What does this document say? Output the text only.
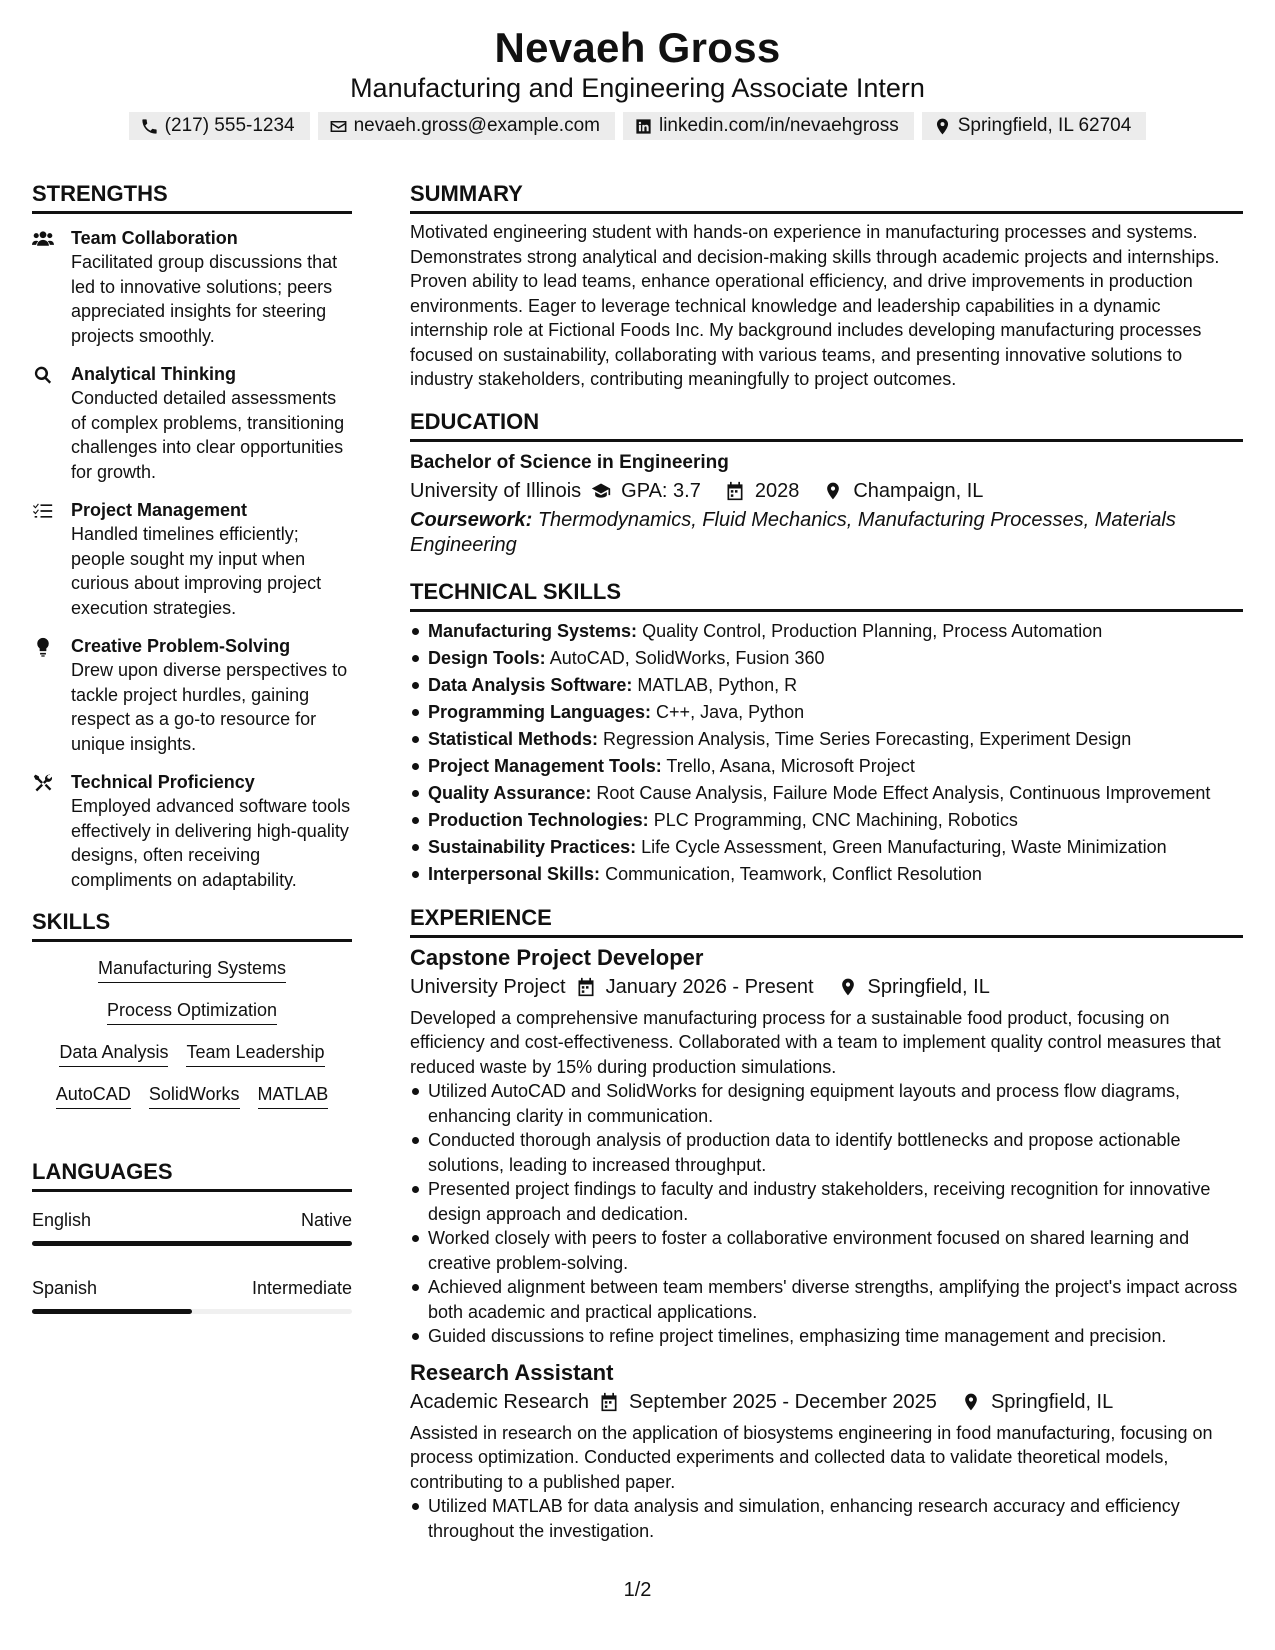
Nevaeh Gross
Manufacturing and Engineering Associate Intern
(217) 555-1234	nevaeh.gross@example.com	linkedin.com/in/nevaehgross	Springfield, IL 62704
STRENGTHS
Team Collaboration
Facilitated group discussions that led to innovative solutions; peers appreciated insights for steering projects smoothly.
Analytical Thinking
Conducted detailed assessments of complex problems, transitioning challenges into clear opportunities for growth.
Project Management
Handled timelines efficiently; people sought my input when curious about improving project execution strategies.
Creative Problem-Solving
Drew upon diverse perspectives to tackle project hurdles, gaining respect as a go-to resource for unique insights.
Technical Proficiency
Employed advanced software tools effectively in delivering high-quality designs, often receiving compliments on adaptability.
SKILLS
Manufacturing Systems
Process Optimization
Data Analysis Team Leadership
AutoCAD SolidWorks MATLAB
LANGUAGES
English	Native
Spanish	Intermediate
SUMMARY
Motivated engineering student with hands-on experience in manufacturing processes and systems. Demonstrates strong analytical and decision-making skills through academic projects and internships. Proven ability to lead teams, enhance operational efficiency, and drive improvements in production environments. Eager to leverage technical knowledge and leadership capabilities in a dynamic internship role at Fictional Foods Inc. My background includes developing manufacturing processes focused on sustainability, collaborating with various teams, and presenting innovative solutions to industry stakeholders, contributing meaningfully to project outcomes.
EDUCATION
Bachelor of Science in Engineering
University of Illinois GPA: 3.7	2028	Champaign, IL
Coursework: Thermodynamics, Fluid Mechanics, Manufacturing Processes, Materials Engineering
TECHNICAL SKILLS
Manufacturing Systems: Quality Control, Production Planning, Process Automation
Design Tools: AutoCAD, SolidWorks, Fusion 360
Data Analysis Software: MATLAB, Python, R
Programming Languages: C++, Java, Python
Statistical Methods: Regression Analysis, Time Series Forecasting, Experiment Design
Project Management Tools: Trello, Asana, Microsoft Project
Quality Assurance: Root Cause Analysis, Failure Mode Effect Analysis, Continuous Improvement
Production Technologies: PLC Programming, CNC Machining, Robotics
Sustainability Practices: Life Cycle Assessment, Green Manufacturing, Waste Minimization
Interpersonal Skills: Communication, Teamwork, Conflict Resolution
EXPERIENCE
Capstone Project Developer
University Project January 2026 - Present	Springfield, IL
Developed a comprehensive manufacturing process for a sustainable food product, focusing on efficiency and cost-effectiveness. Collaborated with a team to implement quality control measures that reduced waste by 15% during production simulations.
Utilized AutoCAD and SolidWorks for designing equipment layouts and process flow diagrams, enhancing clarity in communication.
Conducted thorough analysis of production data to identify bottlenecks and propose actionable solutions, leading to increased throughput.
Presented project findings to faculty and industry stakeholders, receiving recognition for innovative design approach and dedication.
Worked closely with peers to foster a collaborative environment focused on shared learning and creative problem-solving.
Achieved alignment between team members' diverse strengths, amplifying the project's impact across both academic and practical applications.
Guided discussions to refine project timelines, emphasizing time management and precision.
Research Assistant
Academic Research September 2025 - December 2025	Springfield, IL
Assisted in research on the application of biosystems engineering in food manufacturing, focusing on process optimization. Conducted experiments and collected data to validate theoretical models, contributing to a published paper.
Utilized MATLAB for data analysis and simulation, enhancing research accuracy and efficiency throughout the investigation.
1/2
